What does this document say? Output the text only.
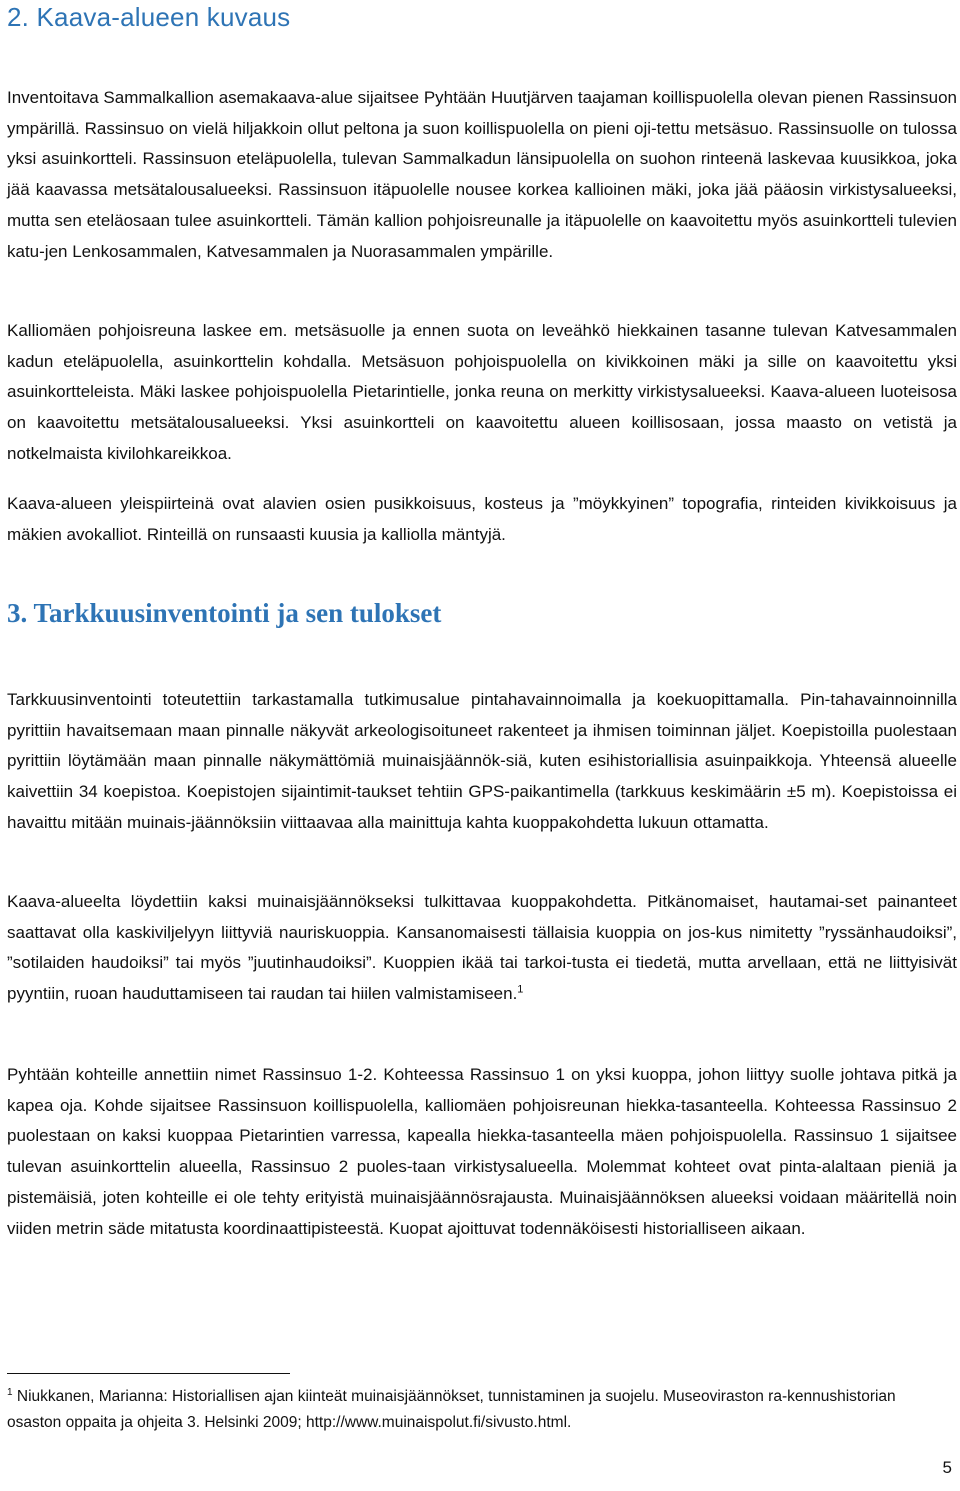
2. Kaava-alueen kuvaus

Inventoitava Sammalkallion asemakaava-alue sijaitsee Pyhtään Huutjärven taajaman koillispuolella olevan pienen Rassinsuon ympärillä. Rassinsuo on vielä hiljakkoin ollut peltona ja suon koillispuolella on pieni oji-tettu metsäsuo. Rassinsuolle on tulossa yksi asuinkortteli. Rassinsuon eteläpuolella, tulevan Sammalkadun länsipuolella on suohon rinteenä laskevaa kuusikkoa, joka jää kaavassa metsätalousalueeksi. Rassinsuon itäpuolelle nousee korkea kallioinen mäki, joka jää pääosin virkistysalueeksi, mutta sen eteläosaan tulee asuinkortteli. Tämän kallion pohjoisreunalle ja itäpuolelle on kaavoitettu myös asuinkortteli tulevien katu-jen Lenkosammalen, Katvesammalen ja Nuorasammalen ympärille.

Kalliomäen pohjoisreuna laskee em. metsäsuolle ja ennen suota on leveähkö hiekkainen tasanne tulevan Katvesammalen kadun eteläpuolella, asuinkorttelin kohdalla. Metsäsuon pohjoispuolella on kivikkoinen mäki ja sille on kaavoitettu yksi asuinkortteleista. Mäki laskee pohjoispuolella Pietarintielle, jonka reuna on merkitty virkistysalueeksi. Kaava-alueen luoteisosa on kaavoitettu metsätalousalueeksi. Yksi asuinkortteli on kaavoitettu alueen koillisosaan, jossa maasto on vetistä ja notkelmaista kivilohkareikkoa.

Kaava-alueen yleispiirteinä ovat alavien osien pusikkoisuus, kosteus ja ”möykkyinen” topografia, rinteiden kivikkoisuus ja mäkien avokalliot. Rinteillä on runsaasti kuusia ja kalliolla mäntyjä.

3. Tarkkuusinventointi ja sen tulokset

Tarkkuusinventointi toteutettiin tarkastamalla tutkimusalue pintahavainnoimalla ja koekuopittamalla. Pin-tahavainnoinnilla pyrittiin havaitsemaan maan pinnalle näkyvät arkeologisoituneet rakenteet ja ihmisen toiminnan jäljet. Koepistoilla puolestaan pyrittiin löytämään maan pinnalle näkymättömiä muinaisjäännök-siä, kuten esihistoriallisia asuinpaikkoja. Yhteensä alueelle kaivettiin 34 koepistoa. Koepistojen sijaintimit-taukset tehtiin GPS-paikantimella (tarkkuus keskimäärin ±5 m). Koepistoissa ei havaittu mitään muinais-jäännöksiin viittaavaa alla mainittuja kahta kuoppakohdetta lukuun ottamatta.

Kaava-alueelta löydettiin kaksi muinaisjäännökseksi tulkittavaa kuoppakohdetta. Pitkänomaiset, hautamai-set painanteet saattavat olla kaskiviljelyyn liittyviä nauriskuoppia. Kansanomaisesti tällaisia kuoppia on jos-kus nimitetty ”ryssänhaudoiksi”, ”sotilaiden haudoiksi” tai myös ”juutinhaudoiksi”. Kuoppien ikää tai tarkoi-tusta ei tiedetä, mutta arvellaan, että ne liittyisivät pyyntiin, ruoan hauduttamiseen tai raudan tai hiilen valmistamiseen.$^1$

Pyhtään kohteille annettiin nimet Rassinsuo 1-2. Kohteessa Rassinsuo 1 on yksi kuoppa, johon liittyy suolle johtava pitkä ja kapea oja. Kohde sijaitsee Rassinsuon koillispuolella, kalliomäen pohjoisreunan hiekka-tasanteella. Kohteessa Rassinsuo 2 puolestaan on kaksi kuoppaa Pietarintien varressa, kapealla hiekka-tasanteella mäen pohjoispuolella. Rassinsuo 1 sijaitsee tulevan asuinkorttelin alueella, Rassinsuo 2 puoles-taan virkistysalueella. Molemmat kohteet ovat pinta-alaltaan pieniä ja pistemäisiä, joten kohteille ei ole tehty erityistä muinaisjäännösrajausta. Muinaisjäännöksen alueeksi voidaan määritellä noin viiden metrin säde mitatusta koordinaattipisteestä. Kuopat ajoittuvat todennäköisesti historialliseen aikaan.

$^1$ Niukkanen, Marianna: Historiallisen ajan kiinteät muinaisjäännökset, tunnistaminen ja suojelu. Museoviraston ra-kennushistorian osaston oppaita ja ohjeita 3. Helsinki 2009; http://www.muinaispolut.fi/sivusto.html.

5
